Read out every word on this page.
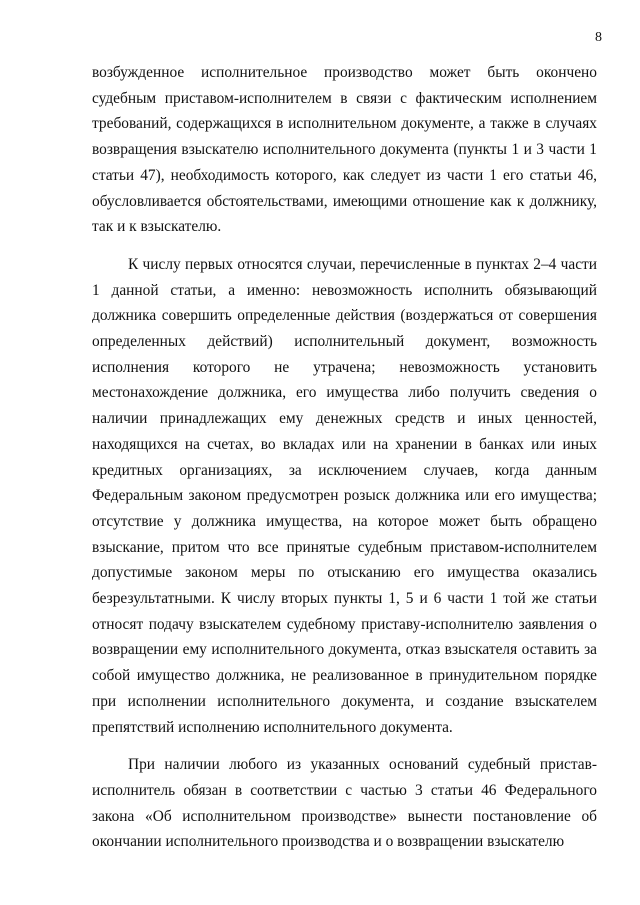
8

возбужденное исполнительное производство может быть окончено судебным приставом-исполнителем в связи с фактическим исполнением требований, содержащихся в исполнительном документе, а также в случаях возвращения взыскателю исполнительного документа (пункты 1 и 3 части 1 статьи 47), необходимость которого, как следует из части 1 его статьи 46, обусловливается обстоятельствами, имеющими отношение как к должнику, так и к взыскателю.

К числу первых относятся случаи, перечисленные в пунктах 2–4 части 1 данной статьи, а именно: невозможность исполнить обязывающий должника совершить определенные действия (воздержаться от совершения определенных действий) исполнительный документ, возможность исполнения которого не утрачена; невозможность установить местонахождение должника, его имущества либо получить сведения о наличии принадлежащих ему денежных средств и иных ценностей, находящихся на счетах, во вкладах или на хранении в банках или иных кредитных организациях, за исключением случаев, когда данным Федеральным законом предусмотрен розыск должника или его имущества; отсутствие у должника имущества, на которое может быть обращено взыскание, притом что все принятые судебным приставом-исполнителем допустимые законом меры по отысканию его имущества оказались безрезультатными. К числу вторых пункты 1, 5 и 6 части 1 той же статьи относят подачу взыскателем судебному приставу-исполнителю заявления о возвращении ему исполнительного документа, отказ взыскателя оставить за собой имущество должника, не реализованное в принудительном порядке при исполнении исполнительного документа, и создание взыскателем препятствий исполнению исполнительного документа.

При наличии любого из указанных оснований судебный пристав-исполнитель обязан в соответствии с частью 3 статьи 46 Федерального закона «Об исполнительном производстве» вынести постановление об окончании исполнительного производства и о возвращении взыскателю
